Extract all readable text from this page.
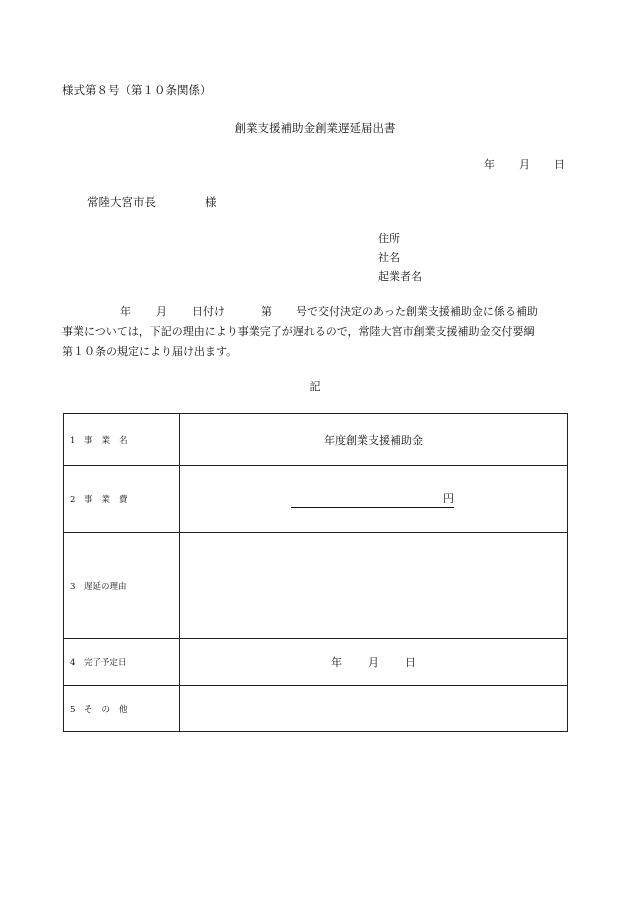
様式第８号（第１０条関係）
創業支援補助金創業遅延届出書
年 月 日
常陸大宮市長	様
住所
社名
起業者名
年 月 日付け	第 号で交付決定のあった創業支援補助金に係る補助
事業については，下記の理由により事業完了が遅れるので，常陸大宮市創業支援補助金交付要綱
第１０条の規定により届け出ます。
記
1 事業名	年度創業支援補助金
2 事業費	円
3 遅延の理由	
4 完了予定日	年 月 日
5 その他	
